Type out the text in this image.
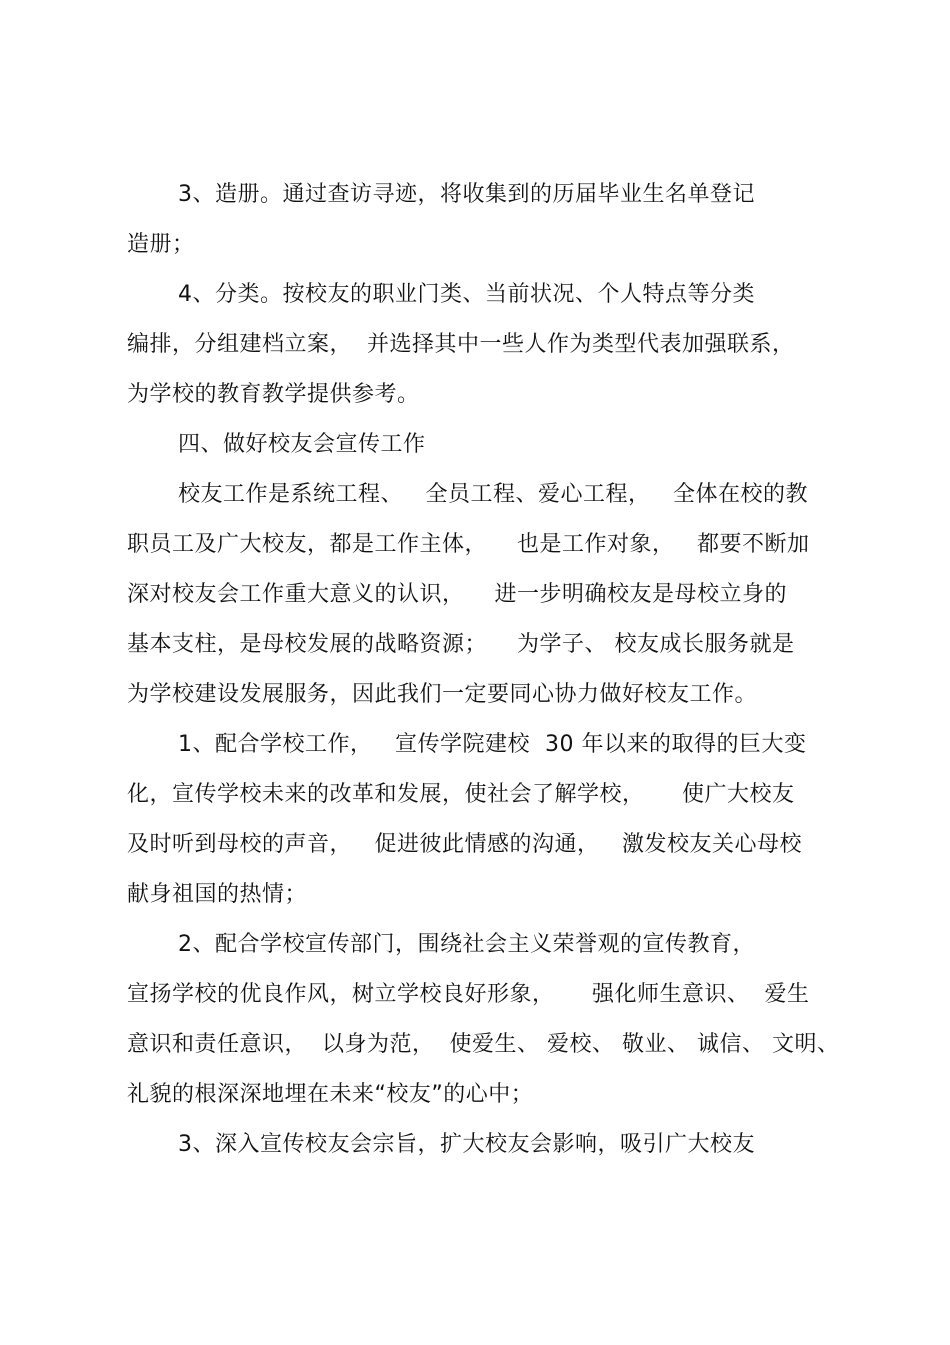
3、造册。通过查访寻迹，将收集到的历届毕业生名单登记
造册；
4、分类。按校友的职业门类、当前状况、个人特点等分类
编排，分组建档立案，  并选择其中一些人作为类型代表加强联系，
为学校的教育教学提供参考。
四、做好校友会宣传工作
校友工作是系统工程、   全员工程、爱心工程，   全体在校的教
职员工及广大校友，都是工作主体，    也是工作对象，   都要不断加
深对校友会工作重大意义的认识，    进一步明确校友是母校立身的
基本支柱，是母校发展的战略资源；    为学子、 校友成长服务就是
为学校建设发展服务，因此我们一定要同心协力做好校友工作。
1、配合学校工作，   宣传学院建校  30 年以来的取得的巨大变
化，宣传学校未来的改革和发展，使社会了解学校，     使广大校友
及时听到母校的声音，   促进彼此情感的沟通，   激发校友关心母校
献身祖国的热情；
2、配合学校宣传部门，围绕社会主义荣誉观的宣传教育，
宣扬学校的优良作风，树立学校良好形象，     强化师生意识、  爱生
意识和责任意识，  以身为范，  使爱生、 爱校、 敬业、 诚信、 文明、
礼貌的根深深地埋在未来“校友”的心中；
3、深入宣传校友会宗旨，扩大校友会影响，吸引广大校友
